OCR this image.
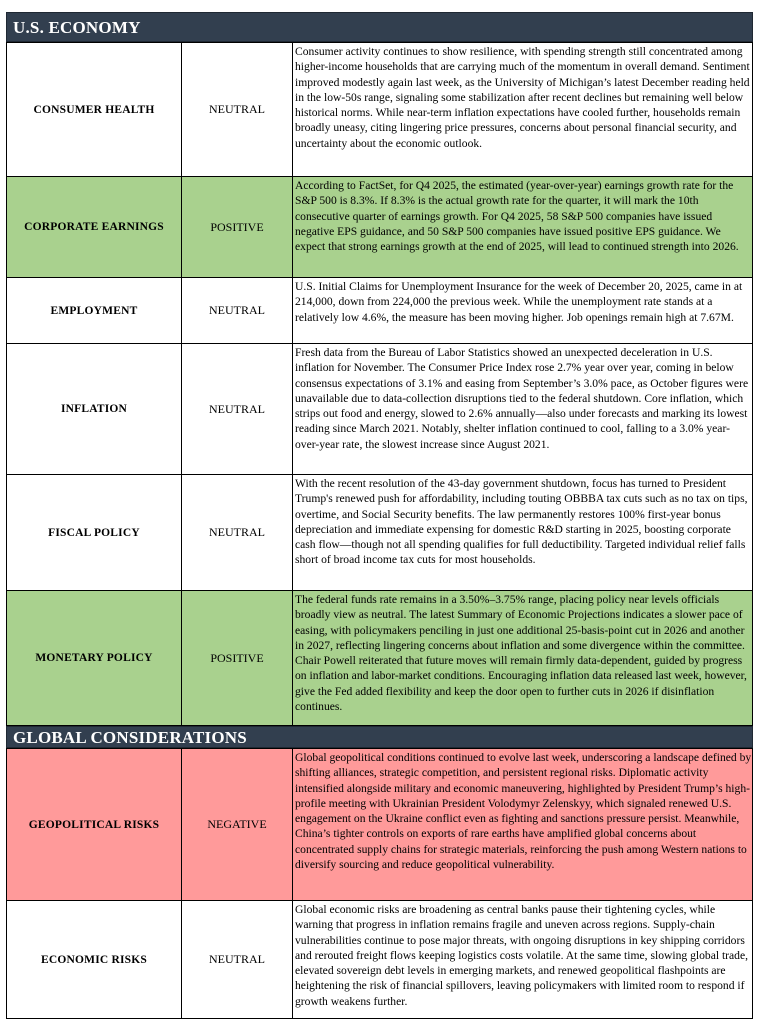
U.S. ECONOMY
CONSUMER HEALTH	NEUTRAL	Consumer activity continues to show resilience, with spending strength still concentrated among higher-income households that are carrying much of the momentum in overall demand. Sentiment improved modestly again last week, as the University of Michigan’s latest December reading held in the low-50s range, signaling some stabilization after recent declines but remaining well below historical norms. While near-term inflation expectations have cooled further, households remain broadly uneasy, citing lingering price pressures, concerns about personal financial security, and uncertainty about the economic outlook.

CORPORATE EARNINGS	POSITIVE	According to FactSet, for Q4 2025, the estimated (year-over-year) earnings growth rate for the S&P 500 is 8.3%. If 8.3% is the actual growth rate for the quarter, it will mark the 10th consecutive quarter of earnings growth. For Q4 2025, 58 S&P 500 companies have issued negative EPS guidance, and 50 S&P 500 companies have issued positive EPS guidance. We expect that strong earnings growth at the end of 2025, will lead to continued strength into 2026.

EMPLOYMENT	NEUTRAL	U.S. Initial Claims for Unemployment Insurance for the week of December 20, 2025, came in at 214,000, down from 224,000 the previous week. While the unemployment rate stands at a relatively low 4.6%, the measure has been moving higher. Job openings remain high at 7.67M.

INFLATION	NEUTRAL	Fresh data from the Bureau of Labor Statistics showed an unexpected deceleration in U.S. inflation for November. The Consumer Price Index rose 2.7% year over year, coming in below consensus expectations of 3.1% and easing from September’s 3.0% pace, as October figures were unavailable due to data-collection disruptions tied to the federal shutdown. Core inflation, which strips out food and energy, slowed to 2.6% annually—also under forecasts and marking its lowest reading since March 2021. Notably, shelter inflation continued to cool, falling to a 3.0% year-over-year rate, the slowest increase since August 2021.

FISCAL POLICY	NEUTRAL	With the recent resolution of the 43-day government shutdown, focus has turned to President Trump's renewed push for affordability, including touting OBBBA tax cuts such as no tax on tips, overtime, and Social Security benefits. The law permanently restores 100% first-year bonus depreciation and immediate expensing for domestic R&D starting in 2025, boosting corporate cash flow—though not all spending qualifies for full deductibility. Targeted individual relief falls short of broad income tax cuts for most households.

MONETARY POLICY	POSITIVE	The federal funds rate remains in a 3.50%–3.75% range, placing policy near levels officials broadly view as neutral. The latest Summary of Economic Projections indicates a slower pace of easing, with policymakers penciling in just one additional 25-basis-point cut in 2026 and another in 2027, reflecting lingering concerns about inflation and some divergence within the committee. Chair Powell reiterated that future moves will remain firmly data-dependent, guided by progress on inflation and labor-market conditions. Encouraging inflation data released last week, however, give the Fed added flexibility and keep the door open to further cuts in 2026 if disinflation continues.
GLOBAL CONSIDERATIONS
GEOPOLITICAL RISKS	NEGATIVE	Global geopolitical conditions continued to evolve last week, underscoring a landscape defined by shifting alliances, strategic competition, and persistent regional risks. Diplomatic activity intensified alongside military and economic maneuvering, highlighted by President Trump’s high-profile meeting with Ukrainian President Volodymyr Zelenskyy, which signaled renewed U.S. engagement on the Ukraine conflict even as fighting and sanctions pressure persist. Meanwhile, China’s tighter controls on exports of rare earths have amplified global concerns about concentrated supply chains for strategic materials, reinforcing the push among Western nations to diversify sourcing and reduce geopolitical vulnerability.

ECONOMIC RISKS	NEUTRAL	Global economic risks are broadening as central banks pause their tightening cycles, while warning that progress in inflation remains fragile and uneven across regions. Supply-chain vulnerabilities continue to pose major threats, with ongoing disruptions in key shipping corridors and rerouted freight flows keeping logistics costs volatile. At the same time, slowing global trade, elevated sovereign debt levels in emerging markets, and renewed geopolitical flashpoints are heightening the risk of financial spillovers, leaving policymakers with limited room to respond if growth weakens further.
